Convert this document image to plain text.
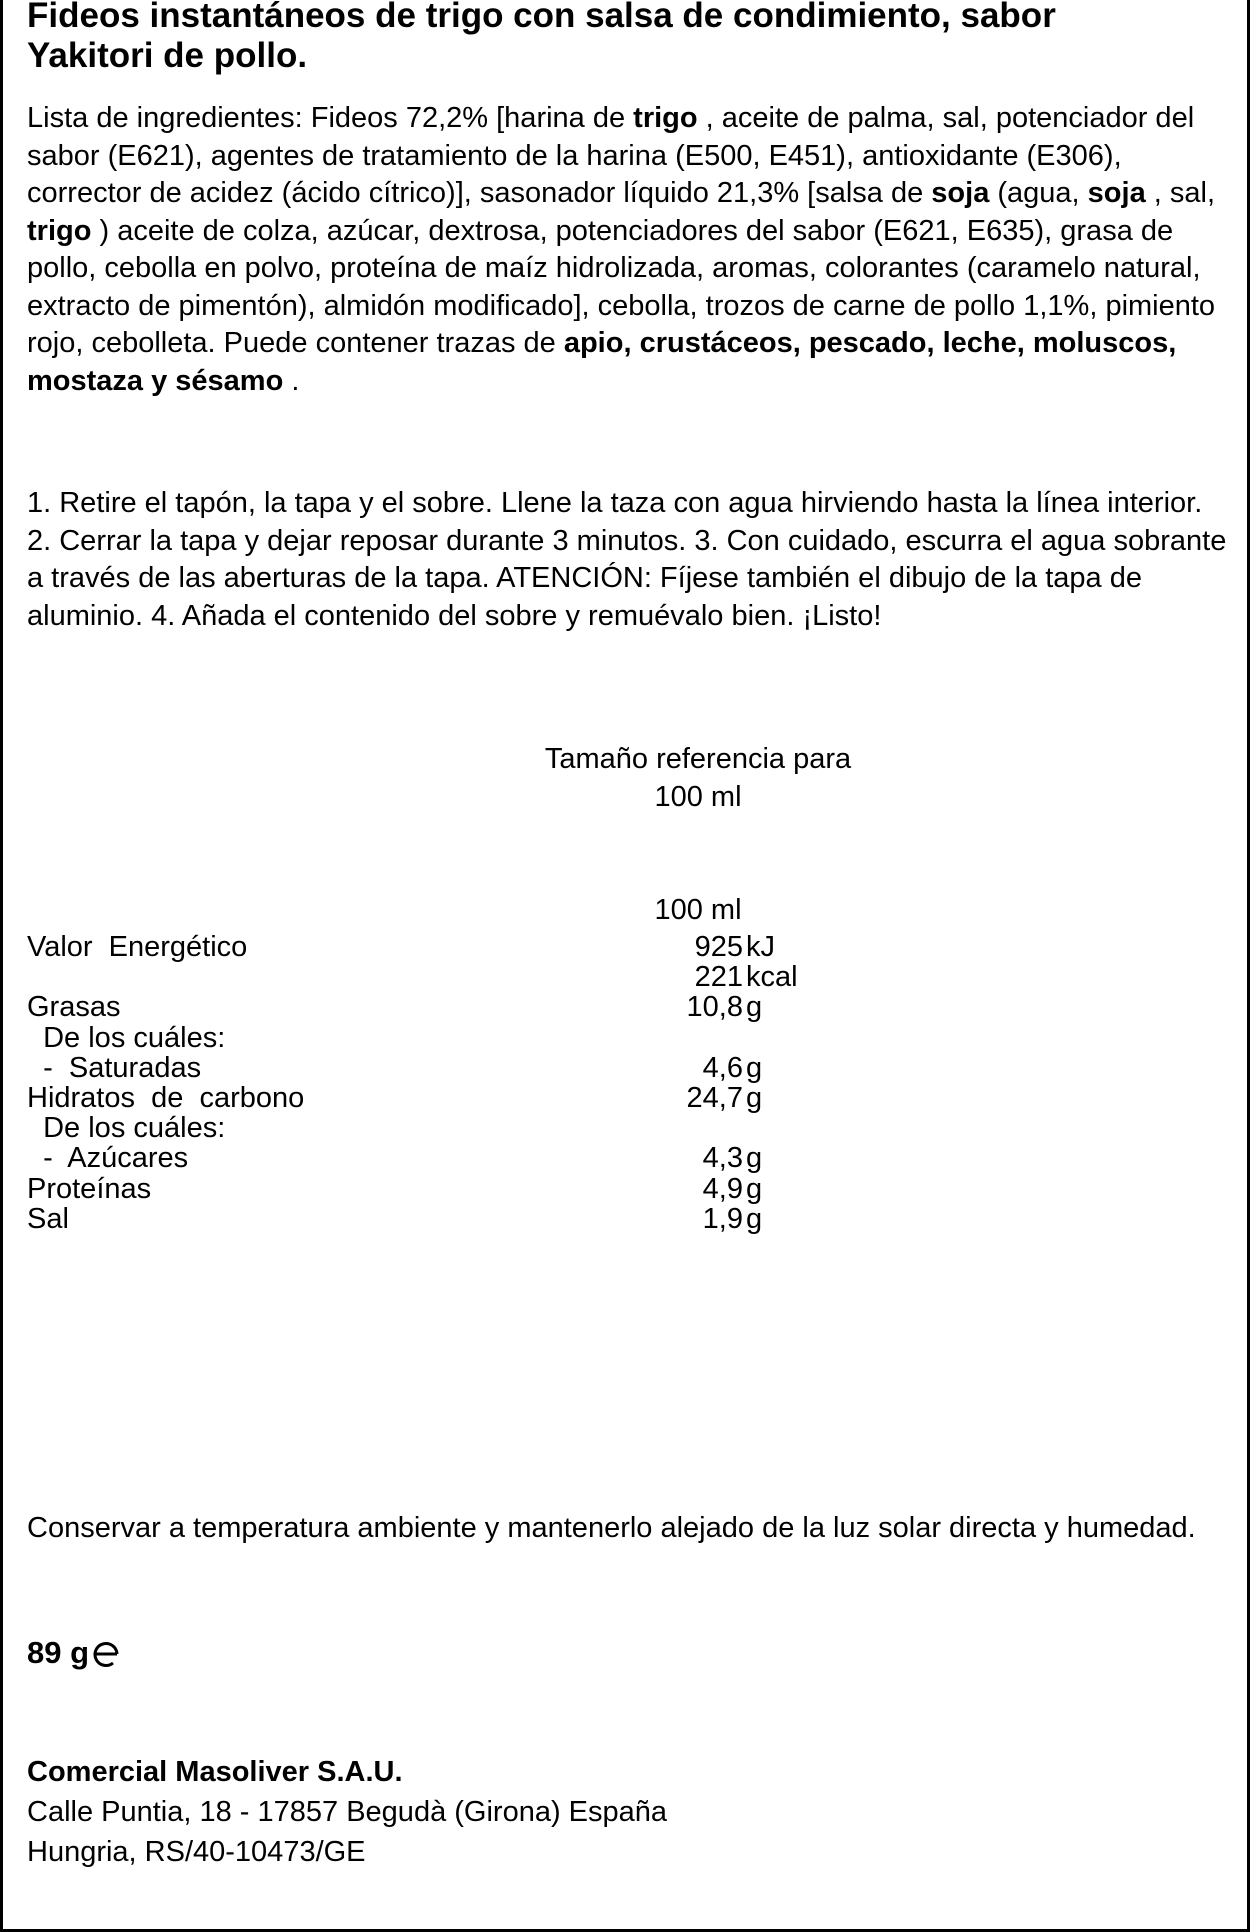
Fideos instantáneos de trigo con salsa de condimiento, sabor
Yakitori de pollo.
Lista de ingredientes: Fideos 72,2% [harina de trigo , aceite de palma, sal, potenciador del sabor (E621), agentes de tratamiento de la harina (E500, E451), antioxidante (E306), corrector de acidez (ácido cítrico)], sasonador líquido 21,3% [salsa de soja (agua, soja , sal, trigo ) aceite de colza, azúcar, dextrosa, potenciadores del sabor (E621, E635), grasa de pollo, cebolla en polvo, proteína de maíz hidrolizada, aromas, colorantes (caramelo natural, extracto de pimentón), almidón modificado], cebolla, trozos de carne de pollo 1,1%, pimiento rojo, cebolleta. Puede contener trazas de apio, crustáceos, pescado, leche, moluscos, mostaza y sésamo .
1. Retire el tapón, la tapa y el sobre. Llene la taza con agua hirviendo hasta la línea interior. 2. Cerrar la tapa y dejar reposar durante 3 minutos. 3. Con cuidado, escurra el agua sobrante a través de las aberturas de la tapa. ATENCIÓN: Fíjese también el dibujo de la tapa de aluminio. 4. Añada el contenido del sobre y remuévalo bien. ¡Listo!
Tamaño referencia para
100 ml
100 ml
Valor  Energético	925 kJ
221 kcal
Grasas	10,8 g
De los cuáles:
-  Saturadas	4,6 g
Hidratos  de  carbono	24,7 g
De los cuáles:
-  Azúcares	4,3 g
Proteínas	4,9 g
Sal	1,9 g
Conservar a temperatura ambiente y mantenerlo alejado de la luz solar directa y humedad.
89 g
Comercial Masoliver S.A.U.
Calle Puntia, 18 - 17857 Begudà (Girona) España
Hungria, RS/40-10473/GE
